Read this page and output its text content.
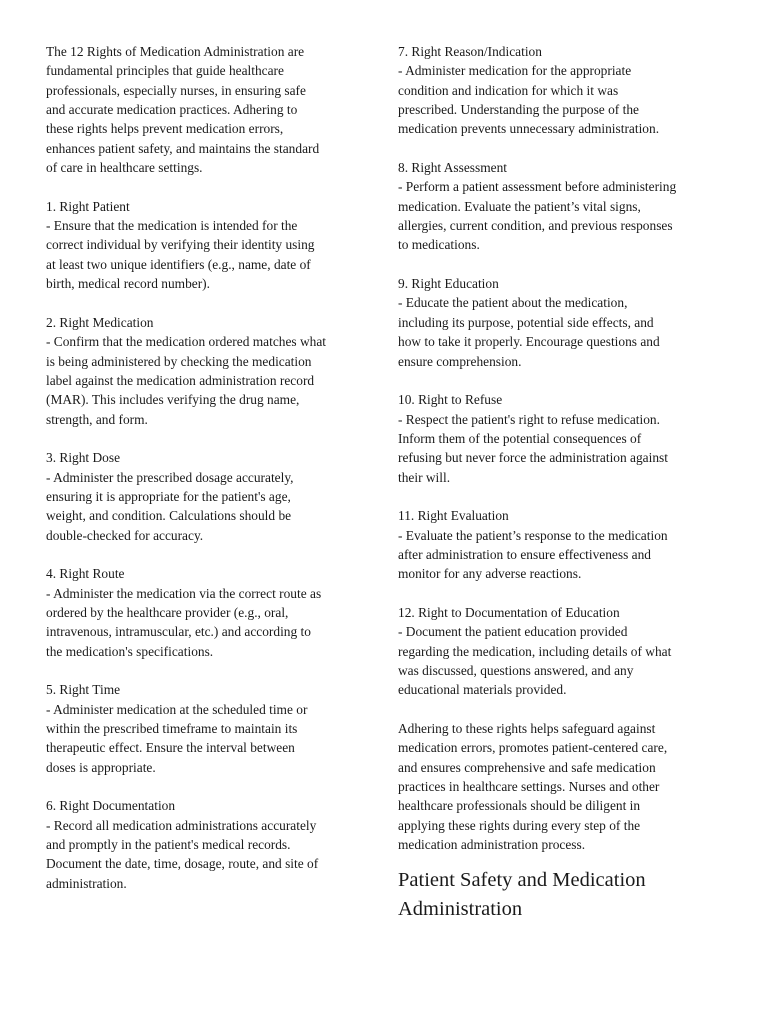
The 12 Rights of Medication Administration are
fundamental principles that guide healthcare
professionals, especially nurses, in ensuring safe
and accurate medication practices. Adhering to
these rights helps prevent medication errors,
enhances patient safety, and maintains the standard
of care in healthcare settings.

1. Right Patient
- Ensure that the medication is intended for the
correct individual by verifying their identity using
at least two unique identifiers (e.g., name, date of
birth, medical record number).

2. Right Medication
- Confirm that the medication ordered matches what
is being administered by checking the medication
label against the medication administration record
(MAR). This includes verifying the drug name,
strength, and form.

3. Right Dose
- Administer the prescribed dosage accurately,
ensuring it is appropriate for the patient's age,
weight, and condition. Calculations should be
double-checked for accuracy.

4. Right Route
- Administer the medication via the correct route as
ordered by the healthcare provider (e.g., oral,
intravenous, intramuscular, etc.) and according to
the medication's specifications.

5. Right Time
- Administer medication at the scheduled time or
within the prescribed timeframe to maintain its
therapeutic effect. Ensure the interval between
doses is appropriate.

6. Right Documentation
- Record all medication administrations accurately
and promptly in the patient's medical records.
Document the date, time, dosage, route, and site of
administration.

7. Right Reason/Indication
- Administer medication for the appropriate
condition and indication for which it was
prescribed. Understanding the purpose of the
medication prevents unnecessary administration.

8. Right Assessment
- Perform a patient assessment before administering
medication. Evaluate the patient’s vital signs,
allergies, current condition, and previous responses
to medications.

9. Right Education
- Educate the patient about the medication,
including its purpose, potential side effects, and
how to take it properly. Encourage questions and
ensure comprehension.

10. Right to Refuse
- Respect the patient's right to refuse medication.
Inform them of the potential consequences of
refusing but never force the administration against
their will.

11. Right Evaluation
- Evaluate the patient’s response to the medication
after administration to ensure effectiveness and
monitor for any adverse reactions.

12. Right to Documentation of Education
- Document the patient education provided
regarding the medication, including details of what
was discussed, questions answered, and any
educational materials provided.

Adhering to these rights helps safeguard against
medication errors, promotes patient-centered care,
and ensures comprehensive and safe medication
practices in healthcare settings. Nurses and other
healthcare professionals should be diligent in
applying these rights during every step of the
medication administration process.

Patient Safety and Medication
Administration
